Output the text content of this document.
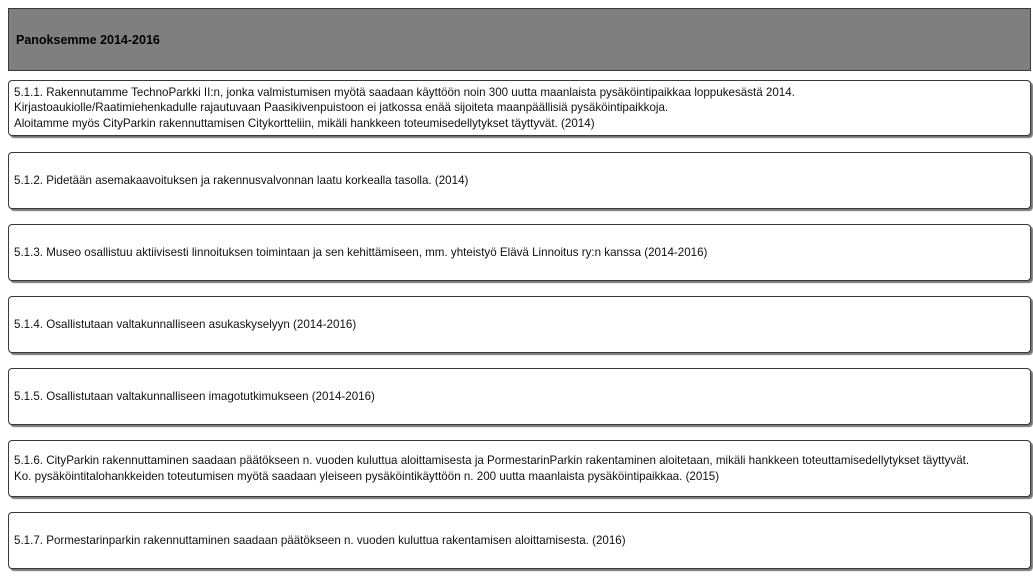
Panoksemme 2014-2016
5.1.1. Rakennutamme TechnoParkki II:n, jonka valmistumisen myötä saadaan käyttöön noin 300 uutta maanlaista pysäköintipaikkaa loppukesästä 2014.
Kirjastoaukiolle/Raatimiehenkadulle rajautuvaan Paasikivenpuistoon ei jatkossa enää sijoiteta maanpäällisiä pysäköintipaikkoja.
Aloitamme myös CityParkin rakennuttamisen Citykortteliin, mikäli hankkeen toteumisedellytykset täyttyvät. (2014)
5.1.2. Pidetään asemakaavoituksen ja rakennusvalvonnan laatu korkealla tasolla. (2014)
5.1.3. Museo osallistuu aktiivisesti linnoituksen toimintaan ja sen kehittämiseen, mm. yhteistyö Elävä Linnoitus ry:n kanssa (2014-2016)
5.1.4. Osallistutaan valtakunnalliseen asukaskyselyyn (2014-2016)
5.1.5. Osallistutaan valtakunnalliseen imagotutkimukseen (2014-2016)
5.1.6. CityParkin rakennuttaminen saadaan päätökseen n. vuoden kuluttua aloittamisesta ja PormestarinParkin rakentaminen aloitetaan, mikäli hankkeen toteuttamisedellytykset täyttyvät.
Ko. pysäköintitalohankkeiden toteutumisen myötä saadaan yleiseen pysäköintikäyttöön n. 200 uutta maanlaista pysäköintipaikkaa. (2015)
5.1.7. Pormestarinparkin rakennuttaminen saadaan päätökseen n. vuoden kuluttua rakentamisen aloittamisesta. (2016)
